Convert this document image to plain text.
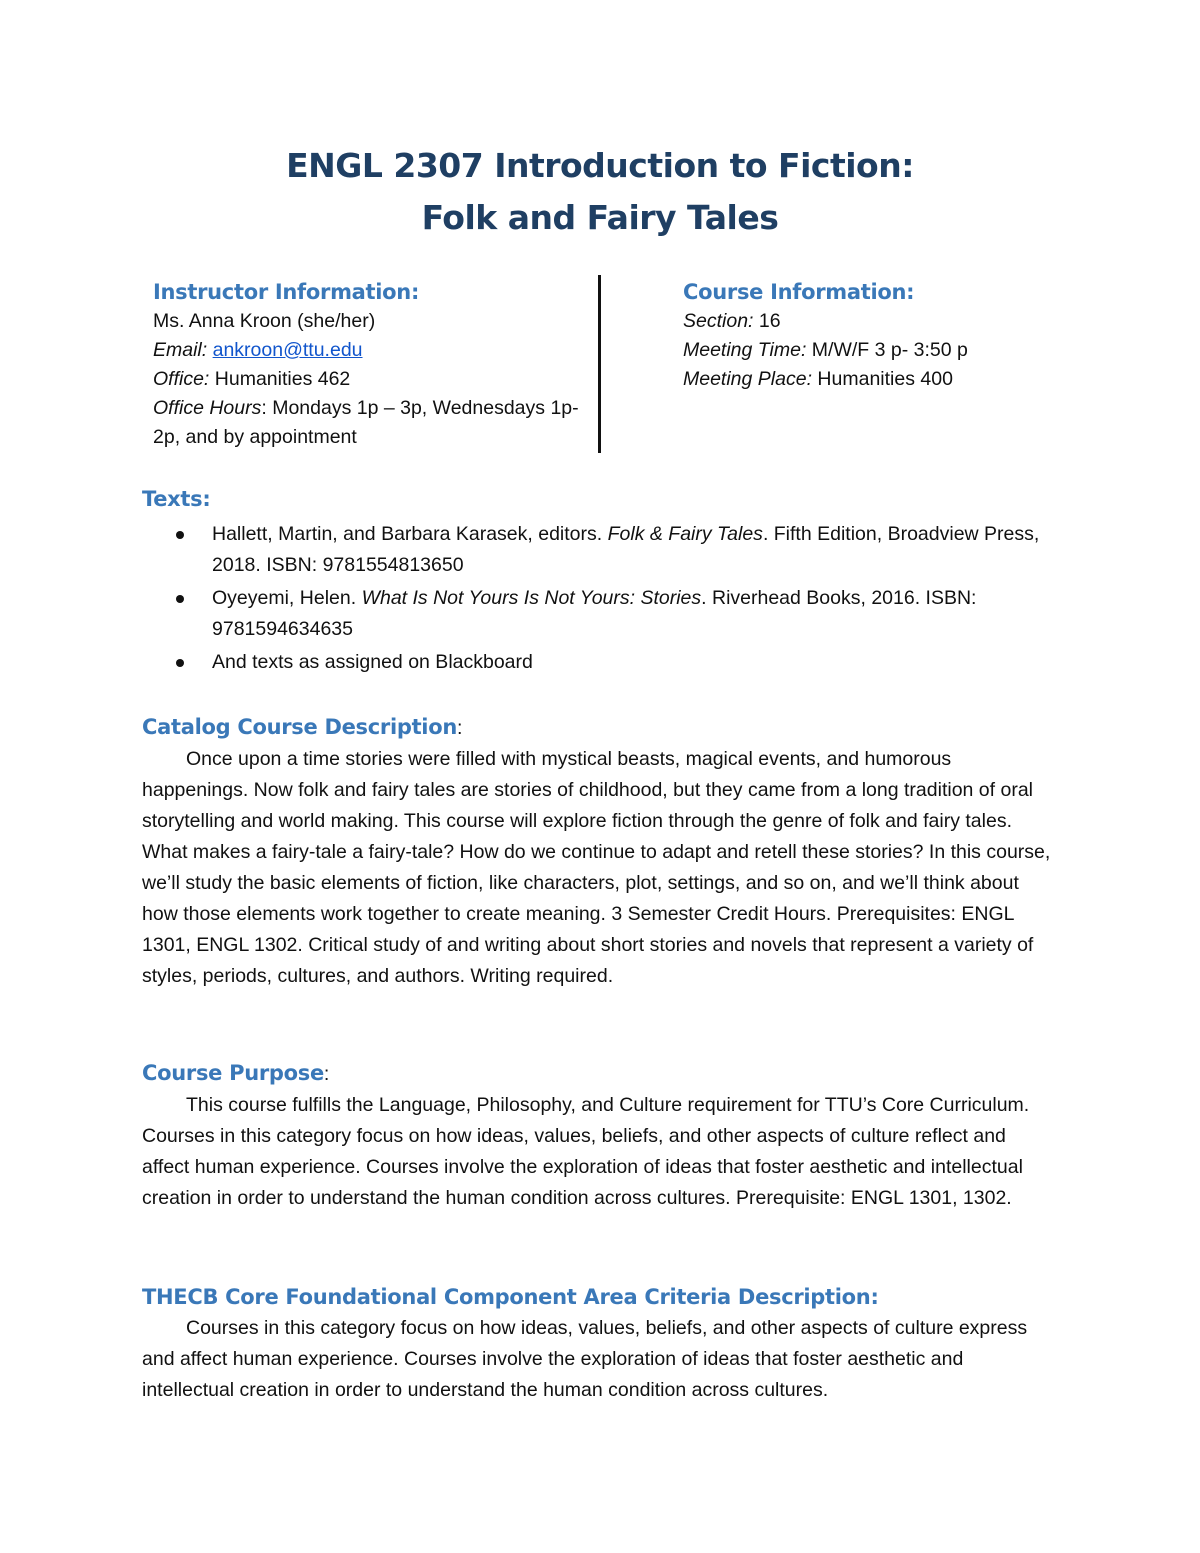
ENGL 2307 Introduction to Fiction:
Folk and Fairy Tales
Instructor Information:
Ms. Anna Kroon (she/her)
Email: ankroon@ttu.edu
Office: Humanities 462
Office Hours: Mondays 1p – 3p, Wednesdays 1p-2p, and by appointment
Course Information:
Section: 16
Meeting Time: M/W/F 3 p- 3:50 p
Meeting Place: Humanities 400
Texts:
Hallett, Martin, and Barbara Karasek, editors. Folk & Fairy Tales. Fifth Edition, Broadview Press, 2018. ISBN: 9781554813650
Oyeyemi, Helen. What Is Not Yours Is Not Yours: Stories. Riverhead Books, 2016. ISBN: 9781594634635
And texts as assigned on Blackboard
Catalog Course Description:

Once upon a time stories were filled with mystical beasts, magical events, and humorous happenings. Now folk and fairy tales are stories of childhood, but they came from a long tradition of oral storytelling and world making. This course will explore fiction through the genre of folk and fairy tales. What makes a fairy-tale a fairy-tale? How do we continue to adapt and retell these stories? In this course, we’ll study the basic elements of fiction, like characters, plot, settings, and so on, and we’ll think about how those elements work together to create meaning. 3 Semester Credit Hours. Prerequisites: ENGL 1301, ENGL 1302. Critical study of and writing about short stories and novels that represent a variety of styles, periods, cultures, and authors. Writing required.

Course Purpose:

This course fulfills the Language, Philosophy, and Culture requirement for TTU’s Core Curriculum. Courses in this category focus on how ideas, values, beliefs, and other aspects of culture reflect and affect human experience. Courses involve the exploration of ideas that foster aesthetic and intellectual creation in order to understand the human condition across cultures. Prerequisite: ENGL 1301, 1302.

THECB Core Foundational Component Area Criteria Description:

Courses in this category focus on how ideas, values, beliefs, and other aspects of culture express and affect human experience. Courses involve the exploration of ideas that foster aesthetic and intellectual creation in order to understand the human condition across cultures.
